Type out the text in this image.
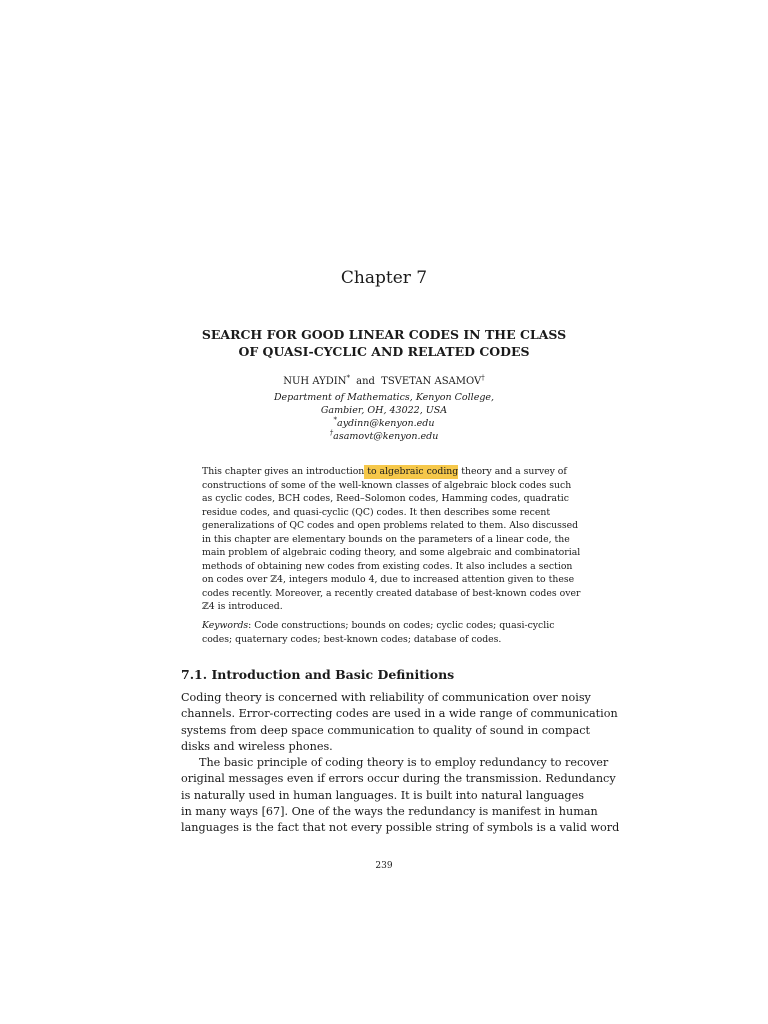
Chapter 7
SEARCH FOR GOOD LINEAR CODES IN THE CLASS
OF QUASI-CYCLIC AND RELATED CODES
NUH AYDIN* and TSVETAN ASAMOV†
Department of Mathematics, Kenyon College,
Gambier, OH, 43022, USA
*aydinn@kenyon.edu
†asamovt@kenyon.edu
This chapter gives an introduction to algebraic coding theory and a survey of
constructions of some of the well-known classes of algebraic block codes such
as cyclic codes, BCH codes, Reed–Solomon codes, Hamming codes, quadratic
residue codes, and quasi-cyclic (QC) codes. It then describes some recent
generalizations of QC codes and open problems related to them. Also discussed
in this chapter are elementary bounds on the parameters of a linear code, the
main problem of algebraic coding theory, and some algebraic and combinatorial
methods of obtaining new codes from existing codes. It also includes a section
on codes over ℤ4, integers modulo 4, due to increased attention given to these
codes recently. Moreover, a recently created database of best-known codes over
ℤ4 is introduced.
Keywords : Code constructions; bounds on codes; cyclic codes; quasi-cyclic
codes; quaternary codes; best-known codes; database of codes.
7.1. Introduction and Basic Definitions
Coding theory is concerned with reliability of communication over noisy
channels. Error-correcting codes are used in a wide range of communication
systems from deep space communication to quality of sound in compact
disks and wireless phones.
The basic principle of coding theory is to employ redundancy to recover
original messages even if errors occur during the transmission. Redundancy
is naturally used in human languages. It is built into natural languages
in many ways [67]. One of the ways the redundancy is manifest in human
languages is the fact that not every possible string of symbols is a valid word
239
